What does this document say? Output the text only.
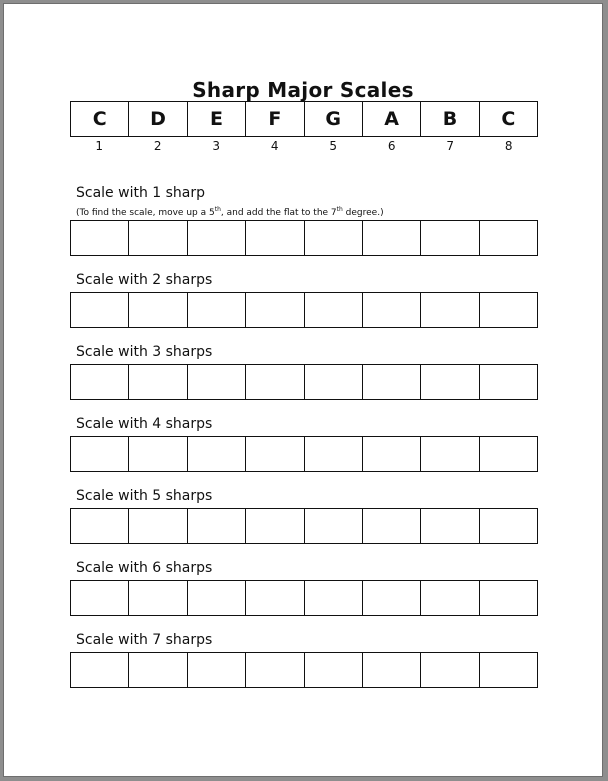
Sharp Major Scales
C D E F G A B C
1	2	3	4	5	6	7	8
Scale with 1 sharp
(To find the scale, move up a 5th, and add the flat to the 7th degree.)
Scale with 2 sharps
Scale with 3 sharps
Scale with 4 sharps
Scale with 5 sharps
Scale with 6 sharps
Scale with 7 sharps
